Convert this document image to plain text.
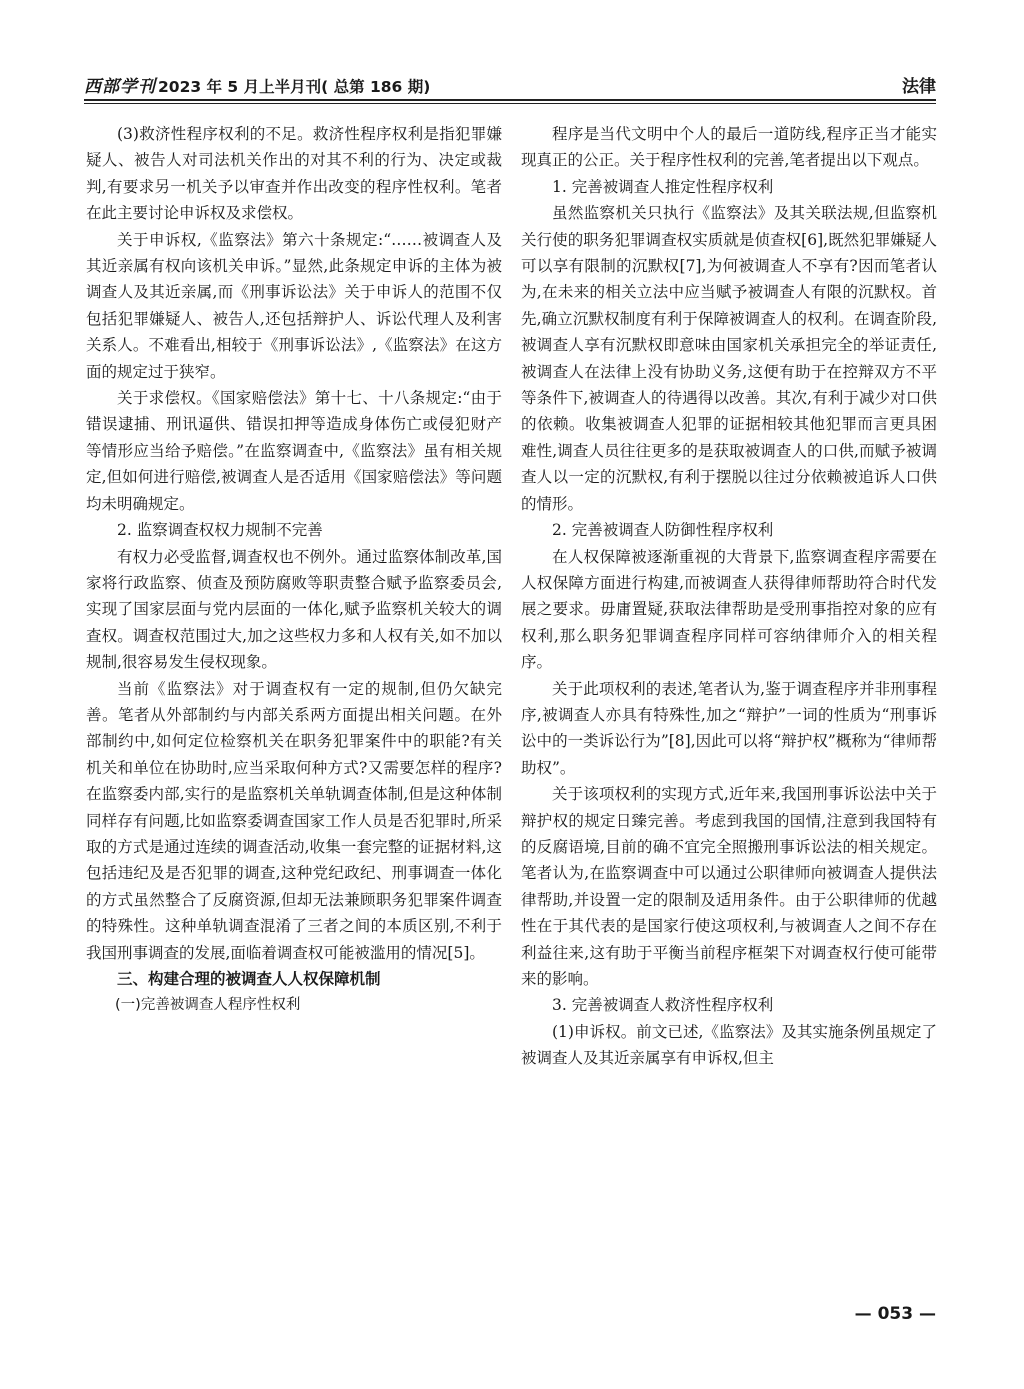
西部学刊 2023 年 5 月上半月刊( 总第 186 期)	法律

(3)救济性程序权利的不足。救济性程序权利是指犯罪嫌疑人、被告人对司法机关作出的对其不利的行为、决定或裁判,有要求另一机关予以审查并作出改变的程序性权利。笔者在此主要讨论申诉权及求偿权。

关于申诉权,《监察法》第六十条规定:“……被调查人及其近亲属有权向该机关申诉。”显然,此条规定申诉的主体为被调查人及其近亲属,而《刑事诉讼法》关于申诉人的范围不仅包括犯罪嫌疑人、被告人,还包括辩护人、诉讼代理人及利害关系人。不难看出,相较于《刑事诉讼法》,《监察法》在这方面的规定过于狭窄。

关于求偿权。《国家赔偿法》第十七、十八条规定:“由于错误逮捕、刑讯逼供、错误扣押等造成身体伤亡或侵犯财产等情形应当给予赔偿。”在监察调查中,《监察法》虽有相关规定,但如何进行赔偿,被调查人是否适用《国家赔偿法》等问题均未明确规定。

2. 监察调查权权力规制不完善

有权力必受监督,调查权也不例外。通过监察体制改革,国家将行政监察、侦查及预防腐败等职责整合赋予监察委员会,实现了国家层面与党内层面的一体化,赋予监察机关较大的调查权。调查权范围过大,加之这些权力多和人权有关,如不加以规制,很容易发生侵权现象。

当前《监察法》对于调查权有一定的规制,但仍欠缺完善。笔者从外部制约与内部关系两方面提出相关问题。在外部制约中,如何定位检察机关在职务犯罪案件中的职能?有关机关和单位在协助时,应当采取何种方式?又需要怎样的程序?在监察委内部,实行的是监察机关单轨调查体制,但是这种体制同样存有问题,比如监察委调查国家工作人员是否犯罪时,所采取的方式是通过连续的调查活动,收集一套完整的证据材料,这包括违纪及是否犯罪的调查,这种党纪政纪、刑事调查一体化的方式虽然整合了反腐资源,但却无法兼顾职务犯罪案件调查的特殊性。这种单轨调查混淆了三者之间的本质区别,不利于我国刑事调查的发展,面临着调查权可能被滥用的情况[5]。

三、构建合理的被调查人人权保障机制

(一)完善被调查人程序性权利

程序是当代文明中个人的最后一道防线,程序正当才能实现真正的公正。关于程序性权利的完善,笔者提出以下观点。

1. 完善被调查人推定性程序权利

虽然监察机关只执行《监察法》及其关联法规,但监察机关行使的职务犯罪调查权实质就是侦查权[6],既然犯罪嫌疑人可以享有限制的沉默权[7],为何被调查人不享有?因而笔者认为,在未来的相关立法中应当赋予被调查人有限的沉默权。首先,确立沉默权制度有利于保障被调查人的权利。在调查阶段,被调查人享有沉默权即意味由国家机关承担完全的举证责任,被调查人在法律上没有协助义务,这便有助于在控辩双方不平等条件下,被调查人的待遇得以改善。其次,有利于减少对口供的依赖。收集被调查人犯罪的证据相较其他犯罪而言更具困难性,调查人员往往更多的是获取被调查人的口供,而赋予被调查人以一定的沉默权,有利于摆脱以往过分依赖被追诉人口供的情形。

2. 完善被调查人防御性程序权利

在人权保障被逐渐重视的大背景下,监察调查程序需要在人权保障方面进行构建,而被调查人获得律师帮助符合时代发展之要求。毋庸置疑,获取法律帮助是受刑事指控对象的应有权利,那么职务犯罪调查程序同样可容纳律师介入的相关程序。

关于此项权利的表述,笔者认为,鉴于调查程序并非刑事程序,被调查人亦具有特殊性,加之“辩护”一词的性质为“刑事诉讼中的一类诉讼行为”[8],因此可以将“辩护权”概称为“律师帮助权”。

关于该项权利的实现方式,近年来,我国刑事诉讼法中关于辩护权的规定日臻完善。考虑到我国的国情,注意到我国特有的反腐语境,目前的确不宜完全照搬刑事诉讼法的相关规定。笔者认为,在监察调查中可以通过公职律师向被调查人提供法律帮助,并设置一定的限制及适用条件。由于公职律师的优越性在于其代表的是国家行使这项权利,与被调查人之间不存在利益往来,这有助于平衡当前程序框架下对调查权行使可能带来的影响。

3. 完善被调查人救济性程序权利

(1)申诉权。前文已述,《监察法》及其实施条例虽规定了被调查人及其近亲属享有申诉权,但主

— 053 —
